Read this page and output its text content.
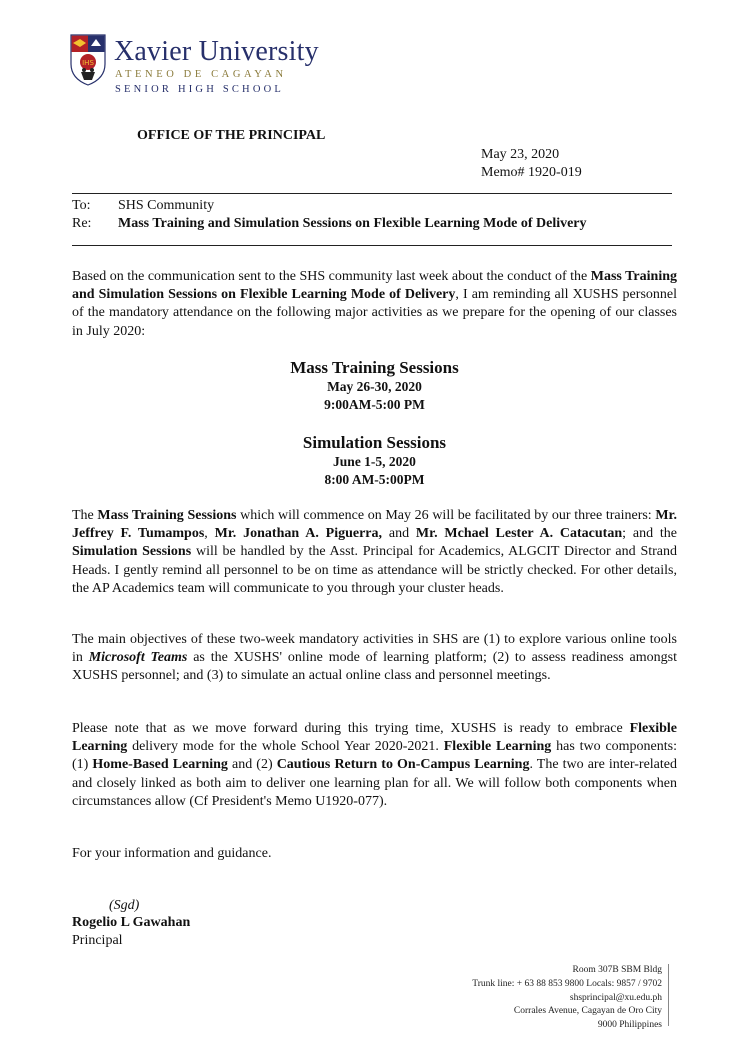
IHS Xavier University
ATENEO DE CAGAYAN
SENIOR HIGH SCHOOL
OFFICE OF THE PRINCIPAL
May 23, 2020
Memo# 1920-019
To: SHS Community
Re: Mass Training and Simulation Sessions on Flexible Learning Mode of Delivery
Based on the communication sent to the SHS community last week about the conduct of the Mass Training and Simulation Sessions on Flexible Learning Mode of Delivery, I am reminding all XUSHS personnel of the mandatory attendance on the following major activities as we prepare for the opening of our classes in July 2020:
Mass Training Sessions
May 26-30, 2020
9:00AM-5:00 PM
Simulation Sessions
June 1-5, 2020
8:00 AM-5:00PM
The Mass Training Sessions which will commence on May 26 will be facilitated by our three trainers: Mr. Jeffrey F. Tumampos, Mr. Jonathan A. Piguerra, and Mr. Mchael Lester A. Catacutan; and the Simulation Sessions will be handled by the Asst. Principal for Academics, ALGCIT Director and Strand Heads. I gently remind all personnel to be on time as attendance will be strictly checked. For other details, the AP Academics team will communicate to you through your cluster heads.
The main objectives of these two-week mandatory activities in SHS are (1) to explore various online tools in Microsoft Teams as the XUSHS' online mode of learning platform; (2) to assess readiness amongst XUSHS personnel; and (3) to simulate an actual online class and personnel meetings.
Please note that as we move forward during this trying time, XUSHS is ready to embrace Flexible Learning delivery mode for the whole School Year 2020-2021. Flexible Learning has two components: (1) Home-Based Learning and (2) Cautious Return to On-Campus Learning. The two are inter-related and closely linked as both aim to deliver one learning plan for all. We will follow both components when circumstances allow (Cf President's Memo U1920-077).
For your information and guidance.
(Sgd)
Rogelio L Gawahan
Principal
Room 307B SBM Bldg
Trunk line: + 63 88 853 9800 Locals: 9857 / 9702
shsprincipal@xu.edu.ph
Corrales Avenue, Cagayan de Oro City
9000 Philippines
